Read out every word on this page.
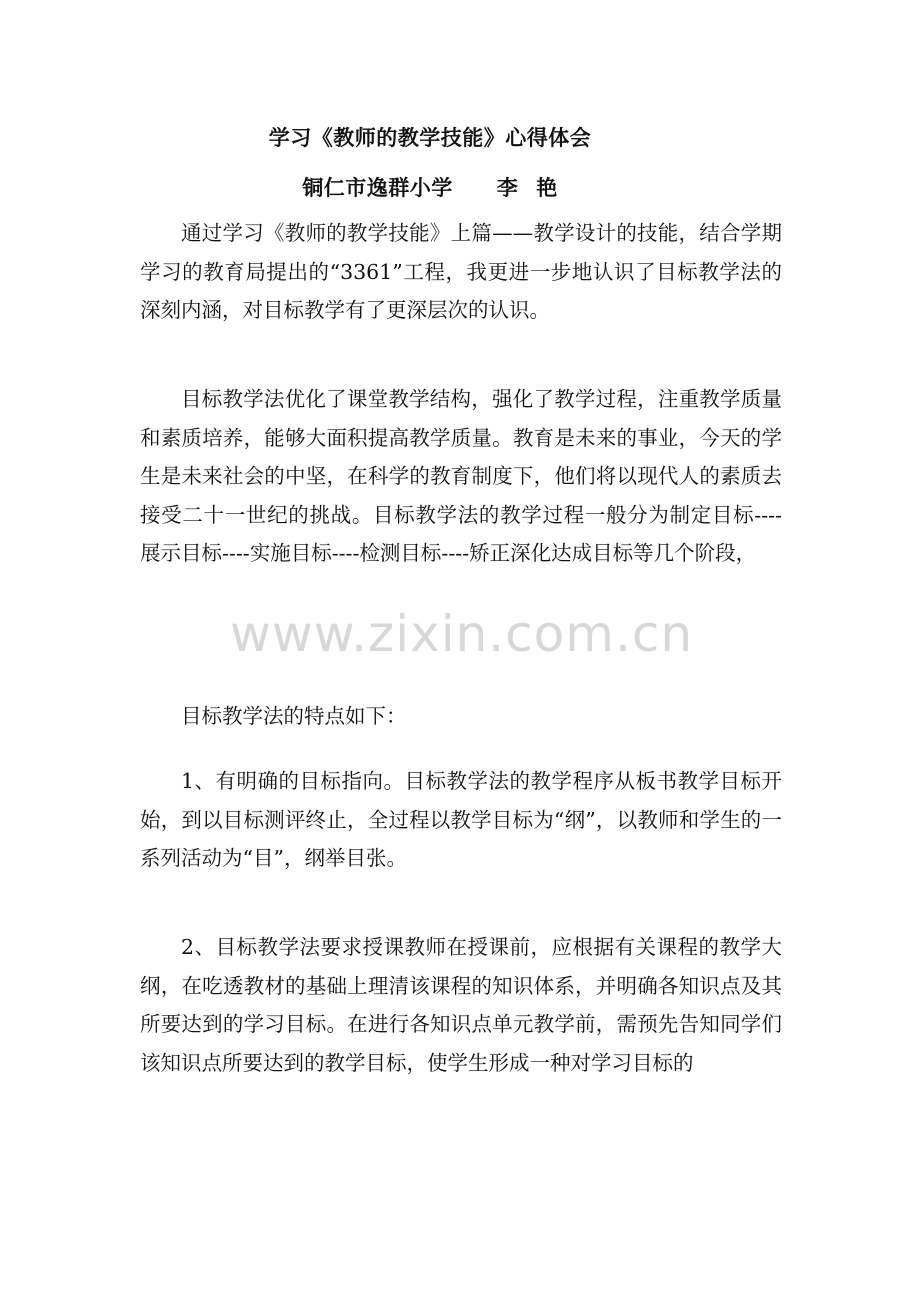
学习《教师的教学技能》心得体会
铜仁市逸群小学 李 艳

通过学习《教师的教学技能》上篇——教学设计的技能，结合学期学习的教育局提出的“3361”工程，我更进一步地认识了目标教学法的深刻内涵，对目标教学有了更深层次的认识。

目标教学法优化了课堂教学结构，强化了教学过程，注重教学质量和素质培养，能够大面积提高教学质量。教育是未来的事业，今天的学生是未来社会的中坚，在科学的教育制度下，他们将以现代人的素质去接受二十一世纪的挑战。目标教学法的教学过程一般分为制定目标----展示目标----实施目标----检测目标----矫正深化达成目标等几个阶段，

目标教学法的特点如下：

1、有明确的目标指向。目标教学法的教学程序从板书教学目标开始，到以目标测评终止，全过程以教学目标为“纲”，以教师和学生的一系列活动为“目”，纲举目张。

2、目标教学法要求授课教师在授课前，应根据有关课程的教学大纲，在吃透教材的基础上理清该课程的知识体系，并明确各知识点及其所要达到的学习目标。在进行各知识点单元教学前，需预先告知同学们该知识点所要达到的教学目标，使学生形成一种对学习目标的

www.zixin.com.cn
